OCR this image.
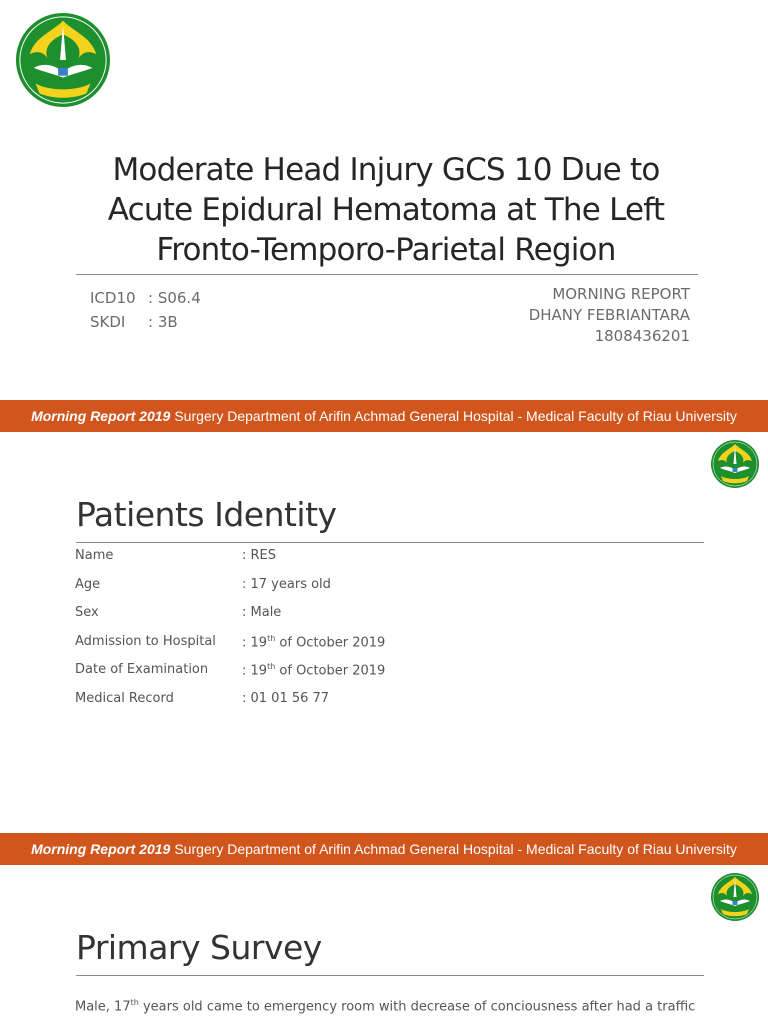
Moderate Head Injury GCS 10 Due to
Acute Epidural Hematoma at The Left
Fronto-Temporo-Parietal Region
ICD10 : S06.4
SKDI	: 3B
MORNING REPORT
DHANY FEBRIANTARA
1808436201
Morning Report 2019 Surgery Department of Arifin Achmad General Hospital - Medical Faculty of Riau University
Patients Identity
Name	: RES
Age	: 17 years old
Sex	: Male
Admission to Hospital	: 19th of October 2019
Date of Examination	: 19th of October 2019
Medical Record	: 01 01 56 77
Morning Report 2019 Surgery Department of Arifin Achmad General Hospital - Medical Faculty of Riau University
Primary Survey

Male, 17th years old came to emergency room with decrease of conciousness after had a traffic
